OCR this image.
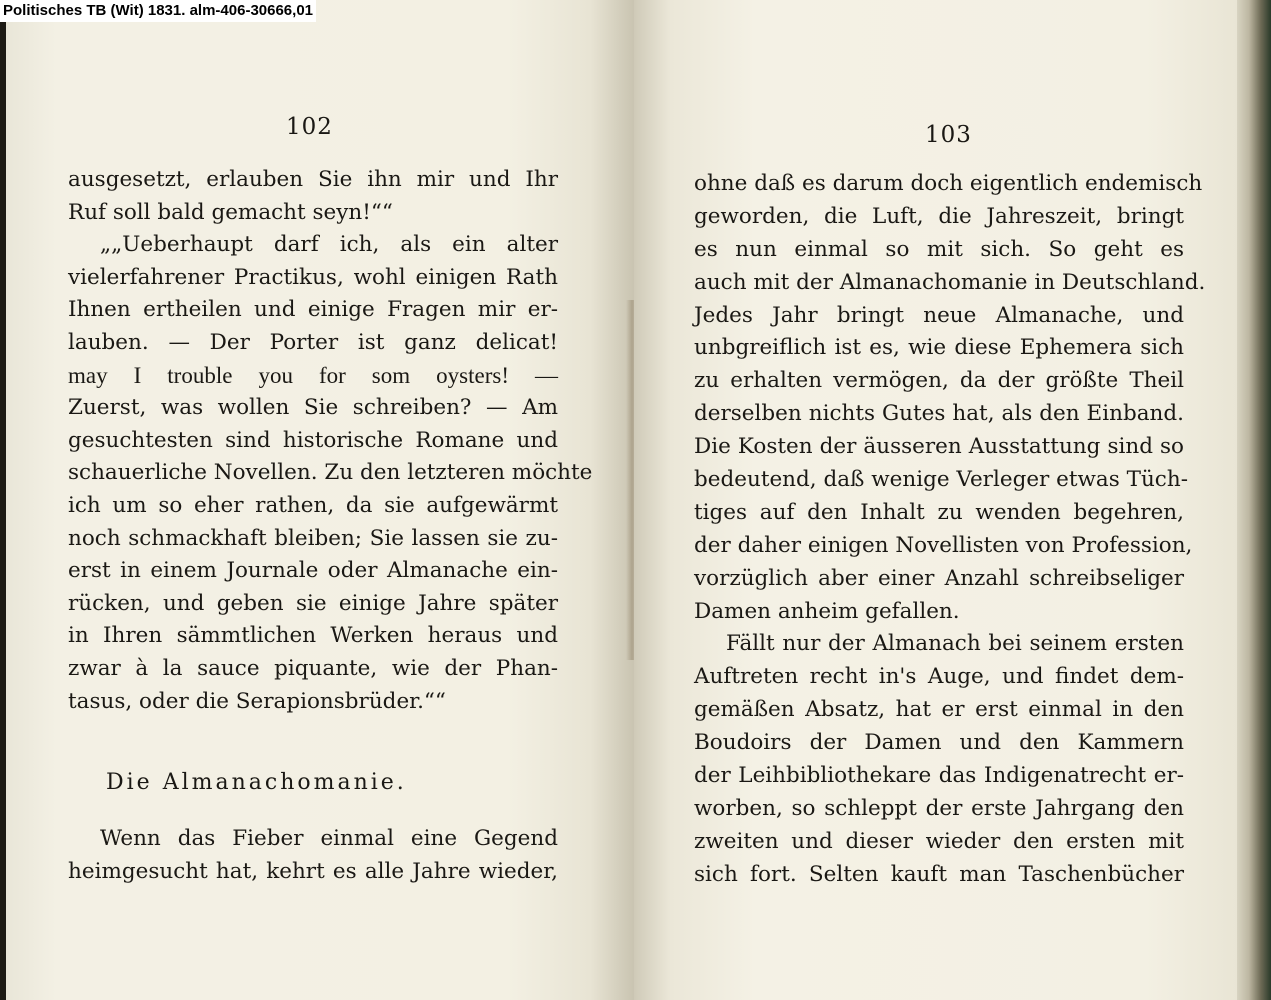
102
ausgesetzt, erlauben Sie ihn mir und Ihr
Ruf soll bald gemacht seyn!““
„„Ueberhaupt darf ich, als ein alter
vielerfahrener Practikus, wohl einigen Rath
Ihnen ertheilen und einige Fragen mir er-
lauben. — Der Porter ist ganz delicat!
may I trouble you for som oysters! —
Zuerst, was wollen Sie schreiben? — Am
gesuchtesten sind historische Romane und
schauerliche Novellen. Zu den letzteren möchte
ich um so eher rathen, da sie aufgewärmt
noch schmackhaft bleiben; Sie lassen sie zu-
erst in einem Journale oder Almanache ein-
rücken, und geben sie einige Jahre später
in Ihren sämmtlichen Werken heraus und
zwar à la sauce piquante, wie der Phan-
tasus, oder die Serapionsbrüder.““
Die Almanachomanie.
Wenn das Fieber einmal eine Gegend
heimgesucht hat, kehrt es alle Jahre wieder,
103
ohne daß es darum doch eigentlich endemisch
geworden, die Luft, die Jahreszeit, bringt
es nun einmal so mit sich. So geht es
auch mit der Almanachomanie in Deutschland.
Jedes Jahr bringt neue Almanache, und
unbgreiflich ist es, wie diese Ephemera sich
zu erhalten vermögen, da der größte Theil
derselben nichts Gutes hat, als den Einband.
Die Kosten der äusseren Ausstattung sind so
bedeutend, daß wenige Verleger etwas Tüch-
tiges auf den Inhalt zu wenden begehren,
der daher einigen Novellisten von Profession,
vorzüglich aber einer Anzahl schreibseliger
Damen anheim gefallen.
Fällt nur der Almanach bei seinem ersten
Auftreten recht in's Auge, und findet dem-
gemäßen Absatz, hat er erst einmal in den
Boudoirs der Damen und den Kammern
der Leihbibliothekare das Indigenatrecht er-
worben, so schleppt der erste Jahrgang den
zweiten und dieser wieder den ersten mit
sich fort. Selten kauft man Taschenbücher
Politisches TB (Wit) 1831. alm-406-30666,01
